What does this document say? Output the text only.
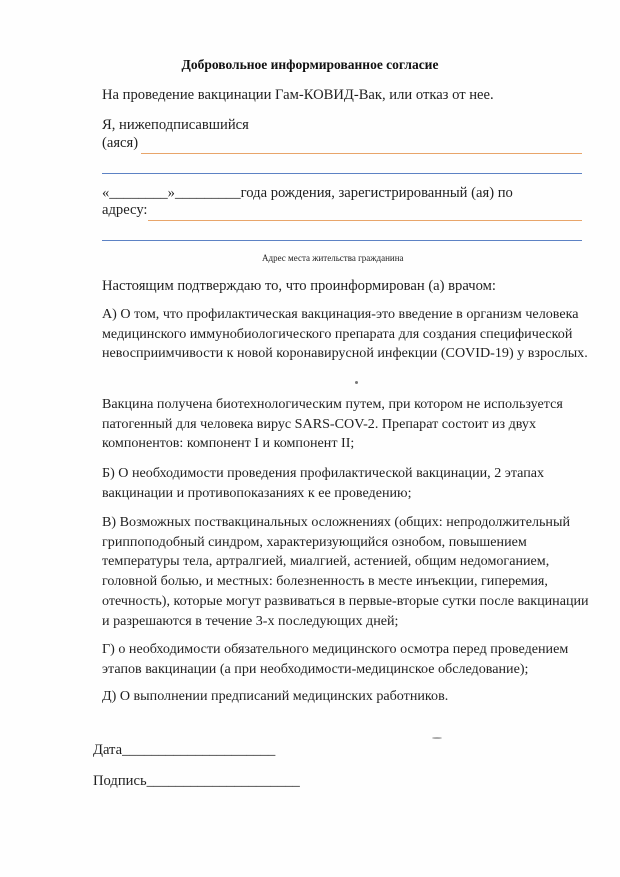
Добровольное информированное согласие
На проведение вакцинации Гам-КОВИД-Вак, или отказ от нее.
Я, нижеподписавшийся
(аяся)
«________»_________года рождения, зарегистрированный (ая) по
адресу:
Адрес места жительства гражданина
Настоящим подтверждаю то, что проинформирован (а) врачом:
А) О том, что профилактическая вакцинация-это введение в организм человека медицинского иммунобиологического препарата для создания специфической невосприимчивости к новой коронавирусной инфекции (COVID-19) у взрослых.
Вакцина получена биотехнологическим путем, при котором не используется патогенный для человека вирус SARS-COV-2. Препарат состоит из двух компонентов: компонент I и компонент II;
Б) О необходимости проведения профилактической вакцинации, 2 этапах вакцинации и противопоказаниях к ее проведению;
В) Возможных поствакцинальных осложнениях (общих: непродолжительный гриппоподобный синдром, характеризующийся ознобом, повышением температуры тела, артралгией, миалгией, астенией, общим недомоганием, головной болью, и местных: болезненность в месте инъекции, гиперемия, отечность), которые могут развиваться в первые-вторые сутки после вакцинации и разрешаются в течение 3-х последующих дней;
Г) о необходимости обязательного медицинского осмотра перед проведением этапов вакцинации (а при необходимости-медицинское обследование);
Д) О выполнении предписаний медицинских работников.
Дата_____________________
Подпись_____________________
